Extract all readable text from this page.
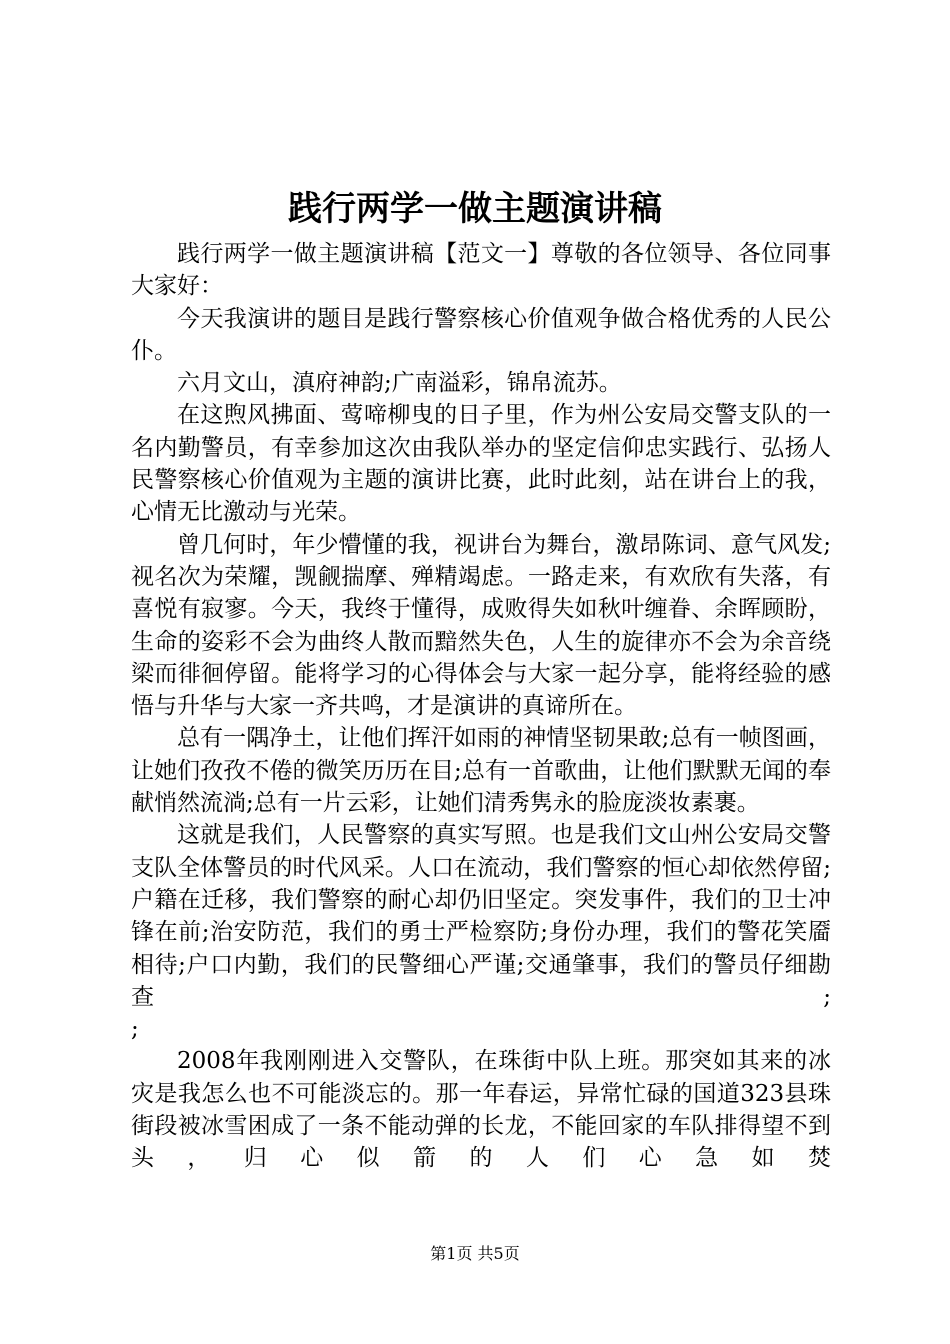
践行两学一做主题演讲稿

践行两学一做主题演讲稿【范文一】尊敬的各位领导、各位同事大家好：

今天我演讲的题目是践行警察核心价值观争做合格优秀的人民公仆。

六月文山，滇府神韵;广南溢彩，锦帛流苏。

在这煦风拂面、莺啼柳曳的日子里，作为州公安局交警支队的一名内勤警员，有幸参加这次由我队举办的坚定信仰忠实践行、弘扬人民警察核心价值观为主题的演讲比赛，此时此刻，站在讲台上的我，心情无比激动与光荣。

曾几何时，年少懵懂的我，视讲台为舞台，激昂陈词、意气风发;视名次为荣耀，觊觎揣摩、殚精竭虑。一路走来，有欢欣有失落，有喜悦有寂寥。今天，我终于懂得，成败得失如秋叶缠眷、余晖顾盼，生命的姿彩不会为曲终人散而黯然失色，人生的旋律亦不会为余音绕梁而徘徊停留。能将学习的心得体会与大家一起分享，能将经验的感悟与升华与大家一齐共鸣，才是演讲的真谛所在。

总有一隅净土，让他们挥汗如雨的神情坚韧果敢;总有一帧图画，让她们孜孜不倦的微笑历历在目;总有一首歌曲，让他们默默无闻的奉献悄然流淌;总有一片云彩，让她们清秀隽永的脸庞淡妆素裹。

这就是我们，人民警察的真实写照。也是我们文山州公安局交警支队全体警员的时代风采。人口在流动，我们警察的恒心却依然停留;户籍在迁移，我们警察的耐心却仍旧坚定。突发事件，我们的卫士冲锋在前;治安防范，我们的勇士严检察防;身份办理，我们的警花笑靥相待;户口内勤，我们的民警细心严谨;交通肇事，我们的警员仔细勘查	;

;

2008年我刚刚进入交警队，在珠街中队上班。那突如其来的冰灾是我怎么也不可能淡忘的。那一年春运，异常忙碌的国道323县珠街段被冰雪困成了一条不能动弹的长龙，不能回家的车队排得望不到头，归心似箭的人们心急如焚

第1页 共5页
